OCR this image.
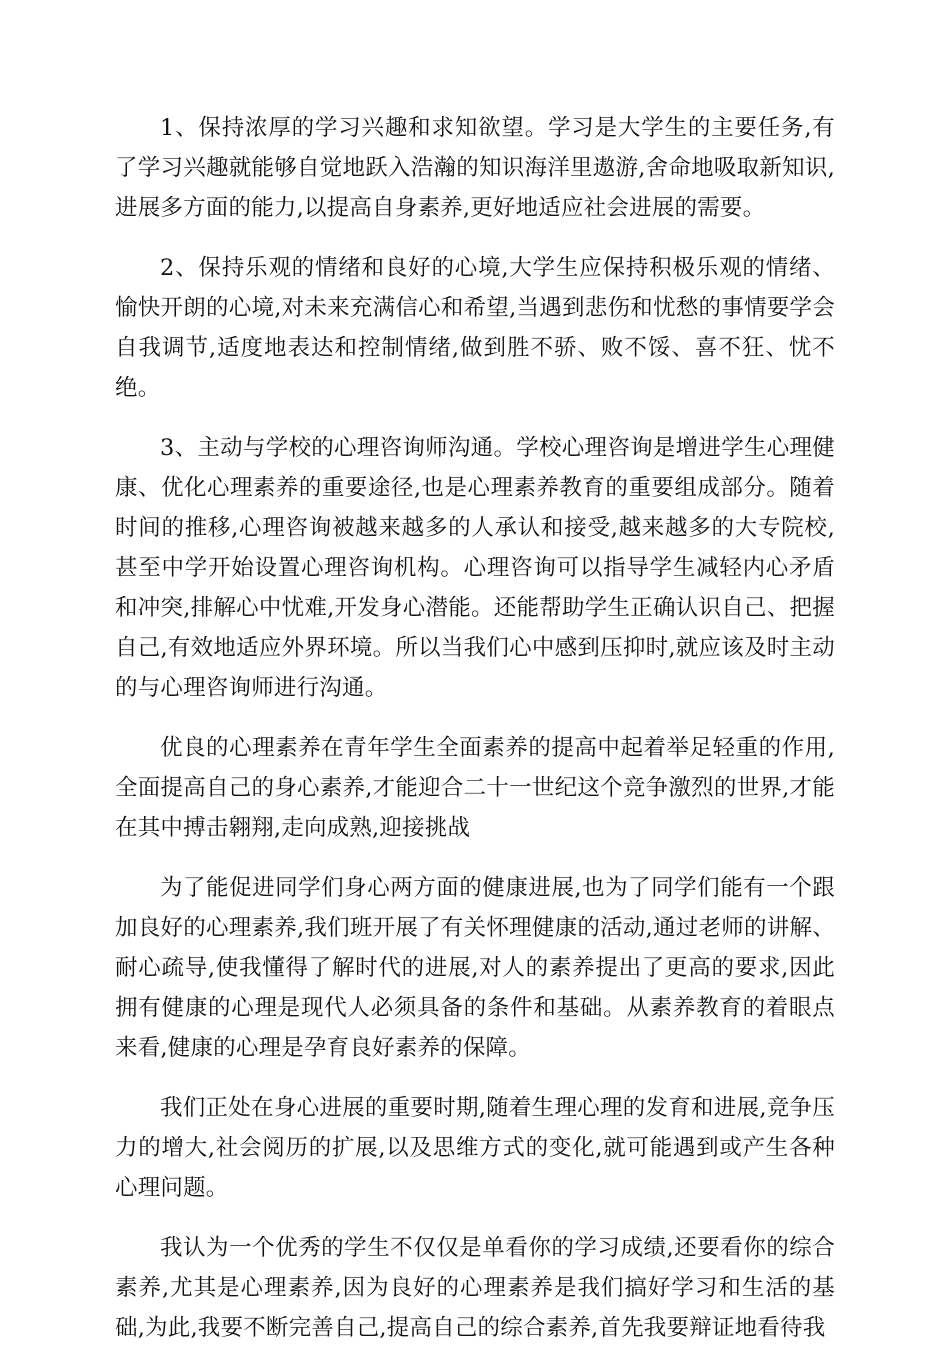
1、保持浓厚的学习兴趣和求知欲望。学习是大学生的主要任务,有了学习兴趣就能够自觉地跃入浩瀚的知识海洋里遨游,舍命地吸取新知识,进展多方面的能力,以提高自身素养,更好地适应社会进展的需要。

2、保持乐观的情绪和良好的心境,大学生应保持积极乐观的情绪、愉快开朗的心境,对未来充满信心和希望,当遇到悲伤和忧愁的事情要学会自我调节,适度地表达和控制情绪,做到胜不骄、败不馁、喜不狂、忧不绝。

3、主动与学校的心理咨询师沟通。学校心理咨询是增进学生心理健康、优化心理素养的重要途径,也是心理素养教育的重要组成部分。随着时间的推移,心理咨询被越来越多的人承认和接受,越来越多的大专院校,甚至中学开始设置心理咨询机构。心理咨询可以指导学生减轻内心矛盾和冲突,排解心中忧难,开发身心潜能。还能帮助学生正确认识自己、把握自己,有效地适应外界环境。所以当我们心中感到压抑时,就应该及时主动的与心理咨询师进行沟通。

优良的心理素养在青年学生全面素养的提高中起着举足轻重的作用,全面提高自己的身心素养,才能迎合二十一世纪这个竞争激烈的世界,才能在其中搏击翱翔,走向成熟,迎接挑战

为了能促进同学们身心两方面的健康进展,也为了同学们能有一个跟加良好的心理素养,我们班开展了有关怀理健康的活动,通过老师的讲解、耐心疏导,使我懂得了解时代的进展,对人的素养提出了更高的要求,因此拥有健康的心理是现代人必须具备的条件和基础。从素养教育的着眼点来看,健康的心理是孕育良好素养的保障。

我们正处在身心进展的重要时期,随着生理心理的发育和进展,竞争压力的增大,社会阅历的扩展,以及思维方式的变化,就可能遇到或产生各种心理问题。

我认为一个优秀的学生不仅仅是单看你的学习成绩,还要看你的综合素养,尤其是心理素养,因为良好的心理素养是我们搞好学习和生活的基础,为此,我要不断完善自己,提高自己的综合素养,首先我要辩证地看待我
